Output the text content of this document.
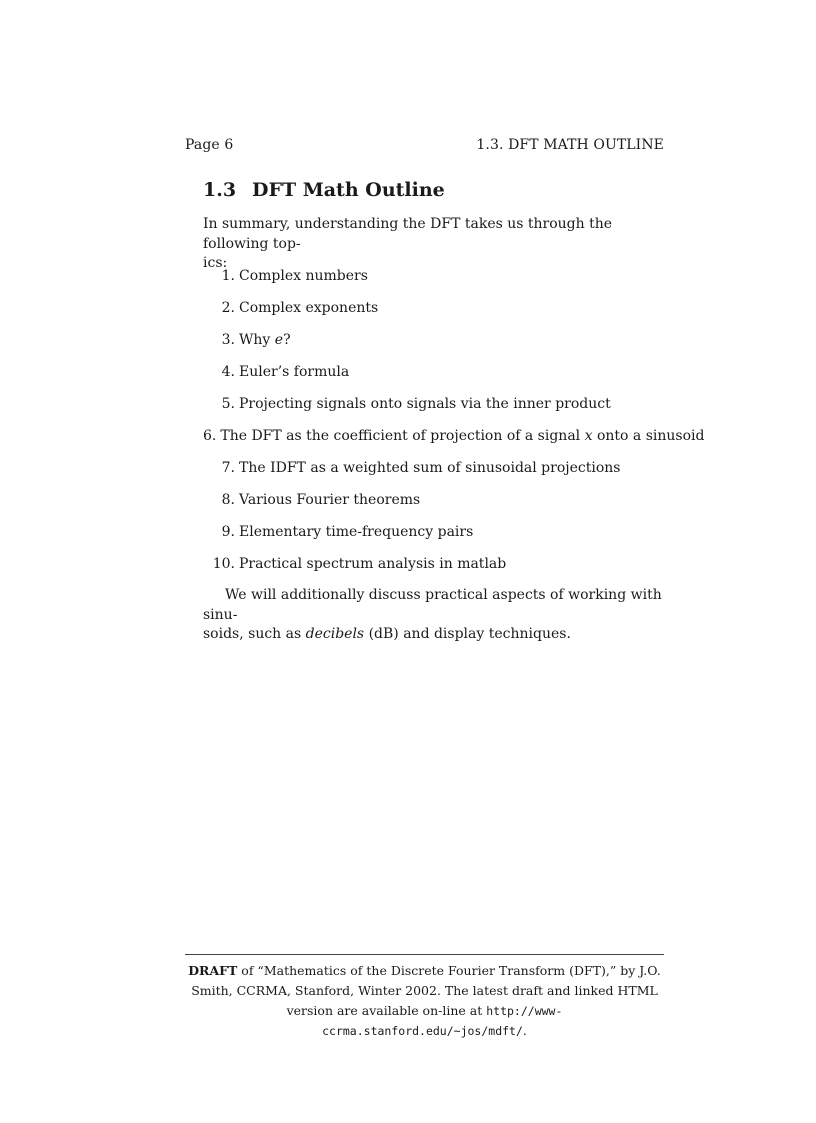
Page 6	1.3. DFT MATH OUTLINE
1.3 DFT Math Outline

In summary, understanding the DFT takes us through the following top-
ics:

1. Complex numbers
2. Complex exponents
3. Why e?
4. Euler’s formula
5. Projecting signals onto signals via the inner product
6. The DFT as the coefficient of projection of a signal x onto a sinusoid
7. The IDFT as a weighted sum of sinusoidal projections
8. Various Fourier theorems
9. Elementary time-frequency pairs
10. Practical spectrum analysis in matlab

We will additionally discuss practical aspects of working with sinu-
soids, such as decibels (dB) and display techniques.

DRAFT of “Mathematics of the Discrete Fourier Transform (DFT),” by J.O.
Smith, CCRMA, Stanford, Winter 2002. The latest draft and linked HTML
version are available on-line at http://www-ccrma.stanford.edu/~jos/mdft/.
